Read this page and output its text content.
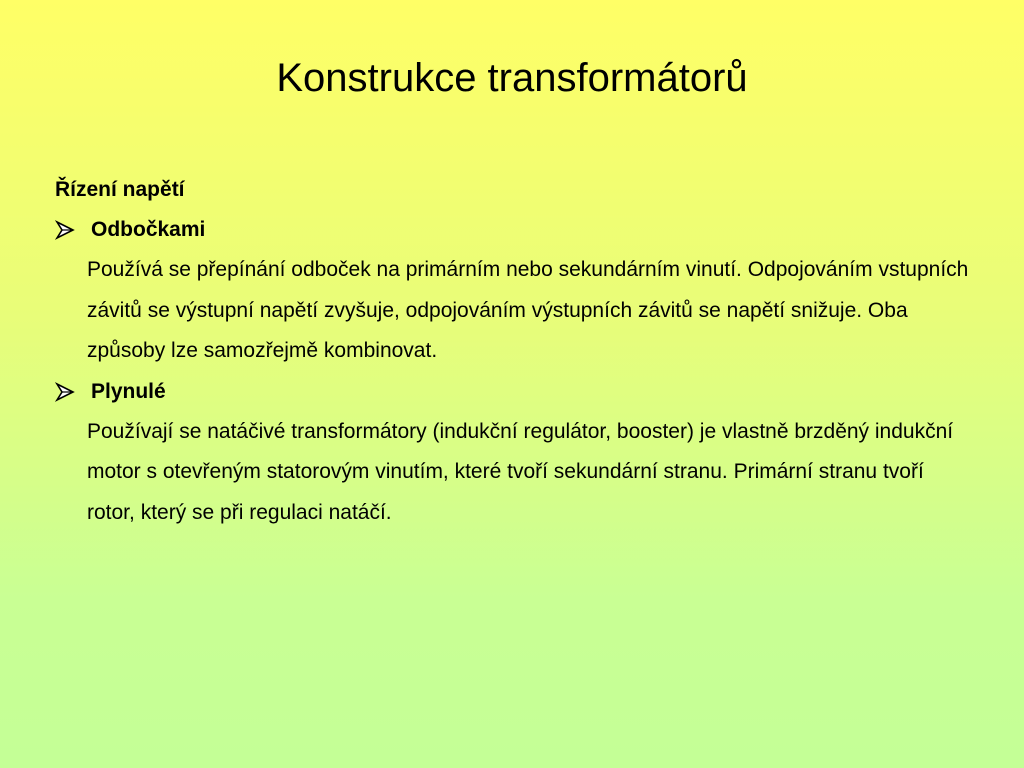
Konstrukce transformátorů

Řízení napětí

Odbočkami

Používá se přepínání odboček na primárním nebo sekundárním vinutí. Odpojováním vstupních závitů se výstupní napětí zvyšuje, odpojováním výstupních závitů se napětí snižuje. Oba způsoby lze samozřejmě kombinovat.

Plynulé

Používají se natáčivé transformátory (indukční regulátor, booster) je vlastně brzděný indukční motor s otevřeným statorovým vinutím, které tvoří sekundární stranu. Primární stranu tvoří rotor, který se při regulaci natáčí.
